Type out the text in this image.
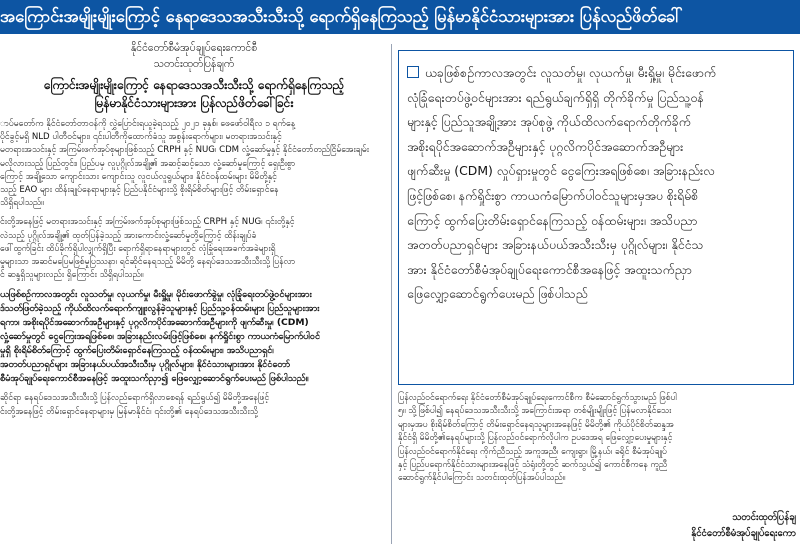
အကြောင်းအမျိုးမျိုးကြောင့် နေရာဒေသအသီးသီးသို့ ရောက်ရှိနေကြသည့် မြန်မာနိုင်ငံသားများအား ပြန်လည်ဖိတ်ခေါ်
နိုင်ငံတော်စီမံအုပ်ချုပ်ရေးကောင်စီ
သတင်းထုတ်ပြန်ချက်
ကြောင်းအမျိုးမျိုးကြောင့် နေရာဒေသအသီးသီးသို့ ရောက်ရှိနေကြသည့်
မြန်မာနိုင်ငံသားများအား ပြန်လည်ဖိတ်ခေါ်ခြင်း
ာပ်မတော်က နိုင်ငံတော်တာဝန်ကို လွှဲပြောင်းရယူခဲ့ရသည့် ၂၀၂၁ ခုနှစ်၊ ဖေဖော်ဝါရီလ ၁ ရက်နေ့
ပိုင်ခွင့်မရှိ NLD ပါတီဝင်များ၊ ၎င်းပါတီကိုထောက်ခံသူ အစွန်းရောက်များ၊ မတရားအသင်းနှင့်
မတရားအသင်းနှင့် အကြမ်းဖက်အုပ်စုများဖြစ်သည့် CRPH နှင့် NUG၊ CDM လှုံ့ဆော်မှုနှင့် နိုင်ငံတော်တည်ငြိမ်အေးချမ်း
မလိုလားသည့် ပြည်တွင်း၊ ပြည်ပမှ လူပုဂ္ဂိုလ်အချို့၏ အဆင့်ဆင့်သော လှုံ့ဆော်မှုကြောင့် ရှေးဦးစွာ
ကြောင့် အချို့သော ကျောင်းသား ကျောင်းသူ လူငယ်လူရွယ်များ၊ နိုင်ငံဝန်ထမ်းများ မိမိတို့နှင့်
သည့် EAO များ ထိန်းချုပ်နေရာများနှင့် ပြည်ပနိုင်ငံများသို့ စိုးရိမ်စိတ်များဖြင့် တိမ်းရှောင်နေ
သိရှိရပါသည်။
င်းတို့အနေဖြင့် မတရားအသင်းနှင့် အကြမ်းဖက်အုပ်စုများဖြစ်သည့် CRPH နှင့် NUG၊ ၎င်းတို့နှင့်
လဲသည့် ပုဂ္ဂိုလ်အချို့၏ ထုတ်ပြန်ခဲ့သည့် အားကောင်းလှုံ့ဆော်မှုတို့ကြောင့် ထိန်းချုပ်ခံ
ဖေါ်ထွက်ခြင်း ထိပ်ခိုက်ရှိပါလျှက်ရှိပြီး ရောက်ရှိရာနေရာများတွင် လုံခြုံရေးအခက်အခဲများရှိ
မှုများသာ အဆင်မပြေမဖြစ်မှုပြဿနာ၊ ရင်ဆိုင်နေရသည့် မိမိတို့ နေရပ်ဒေသအသီးသီးသို့ ပြန်လာ
င် ဆန္ဒရှိသူများလည်း ရှိကြောင်း သိရှိရပါသည်။
ယဖြစ်စဉ်ကာလအတွင်း လူသတ်မှု၊ လုယက်မှု၊ မီးရှို့မှု၊ မိုင်းဖောက်ခွဲမှု၊ လုံခြုံရေးတပ်ဖွဲ့ဝင်များအား
ဒ်သတ်ဖြတ်ခဲ့သည့် ကိုယ်ထိလက်ရောက်ကျူးလွန်ခဲ့သူများနှင့် ပြည်သူ့ဝန်ထမ်းများ ပြည်သူများအား
ရကာ၊ အစိုးရပိုင်အဆောက်အဦများနှင့် ပုဂ္ဂလိကပိုင်အဆောက်အဦများကို ဖျက်ဆီးမှု၊ (CDM)
လှုံ့ဆော်မှုတွင် ငွေကြေးအရဖြစ်စေ၊ အခြားနည်းလမ်းဖြင့်ဖြစ်စေ၊ နက်ရှိုင်းစွာ ကာယကံမြောက်ပါဝင်
မှုရှိ စိုးရိမ်စိတ်ကြောင့် ထွက်ပြေးတိမ်းရှောင်နေကြသည့် ဝန်ထမ်းများ၊ အသိပညာရှင်၊
အတတ်ပညာရှင်များ အခြားနယ်ပယ်အသီးသီးမှ ပုဂ္ဂိုလ်များ၊ နိုင်ငံသားများအား နိုင်ငံတော်
စီမံအုပ်ချုပ်ရေးကောင်စီအနေဖြင့် အထူးသက်ညှာ၍ ဖြေလျှော့ဆောင်ရွက်ပေးမည် ဖြစ်ပါသည်။
ဆိုင်ရာ နေရပ်ဒေသအသီးသီးသို့ ပြန်လည်ရောက်ရှိလာစေရန် ရည်ရွယ်၍ မိမိတို့အနေဖြင့်
င်းတို့အနေဖြင့် တိမ်းရှောင်နေရာများမှ မြန်မာနိုင်ငံ၊ ၎င်းတို့၏ နေရပ်ဒေသအသီးသီးသို့
ယခုဖြစ်စဉ်ကာလအတွင်း လူသတ်မှု၊ လုယက်မှု၊ မီးရှို့မှု၊ မိုင်းဖောက်
လုံခြုံရေးတပ်ဖွဲ့ဝင်များအား ရည်ရွယ်ချက်ရှိရှိ တိုက်ခိုက်မှု ပြည်သူ့ဝန်
များနှင့် ပြည်သူအချို့အား အုပ်စုဖွဲ့ ကိုယ်ထိလက်ရောက်တိုက်ခိုက်
အစိုးရပိုင်အဆောက်အဦများနှင့် ပုဂ္ဂလိကပိုင်အဆောက်အဦများ
ဖျက်ဆီးမှု (CDM) လှုပ်ရှားမှုတွင် ငွေကြေးအရဖြစ်စေ၊ အခြားနည်းလ
ဖြင့်ဖြစ်စေ၊ နက်ရှိုင်းစွာ ကာယကံမြောက်ပါဝင်သူများမှအပ စိုးရိမ်စိ
ကြောင့် ထွက်ပြေးတိမ်းရှောင်နေကြသည့် ဝန်ထမ်းများ၊ အသိပညာ
အတတ်ပညာရှင်များ အခြားနယ်ပယ်အသီးသီးမှ ပုဂ္ဂိုလ်များ၊ နိုင်ငံသ
အား နိုင်ငံတော်စီမံအုပ်ချုပ်ရေးကောင်စီအနေဖြင့် အထူးသက်ညှာ
ဖြေလျှော့ဆောင်ရွက်ပေးမည် ဖြစ်ပါသည်
ပြန်လည်ဝင်ရောက်ရေး နိုင်ငံတော်စီမံအုပ်ချုပ်ရေးကောင်စီက စီမံဆောင်ရွက်သွားမည် ဖြစ်ပါ
၅။ သို့ဖြစ်ပါ၍ နေရပ်ဒေသအသီးသီးသို့ အကြောင်းအရာ တစ်မျိုးမျိုးဖြင့် ပြန်မလာနိုင်သေး
များမှအပ စိုးရိမ်စိတ်ကြောင့် တိမ်းရှောင်နေရသူများအနေဖြင့် မိမိတို့၏ ကိုယ်ပိုင်စိတ်ဆန္ဒအ
နိုင်ငံရှိ မိမိတို့၏နေရပ်များသို့ ပြန်လည်ဝင်ရောက်လိုပါက ဥပဒေအရ ဖြေလျှော့ပေးမှုများနှင့်
ပြန်လည်ဝင်ရောက်နိုင်ရေး ကိုက်ညီသည့် အကူအညီ၊ ကျေးရွာ၊ မြို့နယ်၊ ခရိုင် စီမံအုပ်ချုပ်
နှင့် ပြည်ပရောက်နိုင်ငံသားများအနေဖြင့် သံရုံးတို့တွင် ဆက်သွယ်၍ ကောင်စီကနေ ကူညီ
ဆောင်ရွက်နိုင်ပါကြောင်း သတင်းထုတ်ပြန်အပ်ပါသည်။
သတင်းထုတ်ပြန်ချ
နိုင်ငံတော်စီမံအုပ်ချုပ်ရေးကော
